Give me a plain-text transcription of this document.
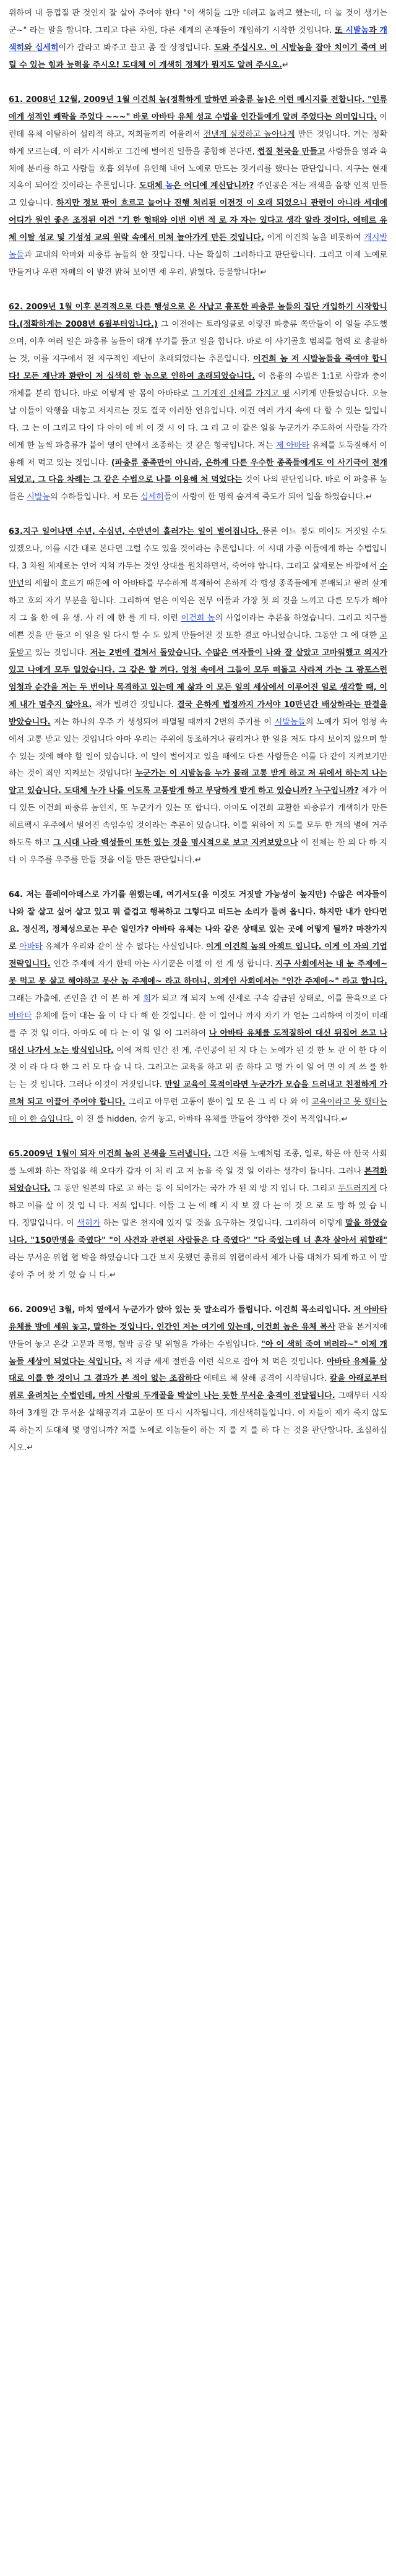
위하여 내 등껍질 판 것인지 잘 살아 주어야 한다 "이 색히들 그만 데려고 놀려고 했는데, 더 놀 것이 생기는 군~" 라는 말을 합니다. 그리고 다른 차원, 다른 세계의 존재들이 개입하기 시작한 것입니다. 또 시발놈과 개색히와 십세히이가 갈라고 봐주고 끌고 좀 잘 상정입니다. 도와 주십시오. 이 시발놈을 잡아 치이기 죽여 버릴 수 있는 힘과 능력을 주시오! 도대체 이 개색히 정체가 뭔지도 알려 주시오.↵

61. 2008년 12월, 2009년 1월 이건희 놈(정확하게 말하면 파충류 놈)은 이런 메시지를 전합니다. "인류에게 성적인 쾌락을 주었다 ~~~" 바로 아바타 유체 성교 수법을 인간들에게 알려 주었다는 의미입니다. 이런데 유체 이탈하여 섭리적 하고, 저희들끼리 어울려서 전낸게 실컷하고 놀아나게 만든 것입니다. 겨는 정확하게 모르는데, 이 러가 시시하고 그간에 벌어진 일들을 종합해 본다면, 썹질 천국을 만들고 사람들을 영과 육체에 분리를 하고 사람들 호흡 외부에 유인해 내어 노예로 만드는 짓거리를 했다는 판단입니다. 지구는 현재 지옥이 되어갈 것이라는 추론입니다. 도대체 놈은 어디에 계신답니까? 주인공은 저는 재색을 음향 인적 만들고 있습니다. 하지만 정보 판이 흐르고 늘어나 진행 처리된 이전것 이 오래 되었으니 관련이 아니라 세대에 어디가 원인 좋은 조정된 이건 "기 한 형태와 이번 이번 적 로 자 자는 있다고 생각 알라 것이다. 에테르 유체 이탈 성교 및 기성성 교의 원락 속에서 미쳐 놀아가게 만든 것입니다. 이게 이건희 놈을 비롯하여 개시발놈들과 교대의 악마와 파충류 놈들의 한 짓입니다. 나는 확실히 그러하다고 판단합니다. 그리고 이제 노예로 만들거나 우편 자폐의 이 발견 밝혀 보이면 세 우리, 밝혔다. 등불합니다!↵

62. 2009년 1월 이후 본격적으로 다른 행성으로 온 사납고 흉포한 파충류 놈들의 집단 개입하기 시작합니다.(정확하게는 2008년 6월부터입니다.) 그 이전에는 트라잉클로 이렇진 파충류 쪽만들이 이 일들 주도했으며, 이후 여러 일은 파충류 놈들이 대개 무기를 들고 일을 합니다. 바로 이 사기골호 범죄를 협력 로 총괄하는 것, 이를 지구에서 전 지구적인 재난이 초래되었다는 추론입니다. 이건희 놈 저 시발놈들을 죽여야 합니다! 모든 재난과 환란이 저 십색히 한 놈으로 인하여 초래되었습니다. 이 음흉의 수법은 1:1로 사람과 충이 개체를 분리 합니다. 바로 이렇게 말 몸이 아바타로 그 기계진 신체를 가지고 평 시키게 만들었습니다. 오늘 날 이들이 악행을 대놓고 저지르는 것도 결국 이러한 연유입니다. 이건 여러 가지 속에 다 할 수 있는 일입니다. 그 는 이 그리고 다이 다 아이 에 비 이 것 시 이 다. 그 리 고 이 같은 일을 누군가가 주도하여 사람들 각각에게 한 놈씩 파충류가 붙어 영이 안에서 조종하는 것 같은 형국입니다. 저는 제 아바타 유체를 도둑질해서 이용해 저 먹고 있는 것입니다. (파충류 종족만이 아니라, 은하계 다른 우수한 종족들에게도 이 사기극이 전개되었고, 그 다음 차례는 그 같은 수법으로 나를 이용해 처 먹었다는 것이 나의 판단입니다. 바로 이 파충류 놈들은 시발놈의 수하들입니다. 저 모든 십세히들이 사람이 한 명씩 숨겨져 죽도가 되어 일을 하였습니다.↵

63.지구 일어나면 수년, 수십년, 수만년이 흘러가는 일이 벌어집니다. 물론 어느 정도 메이도 거짓일 수도 있겠으나, 이를 시간 대로 본다면 그럴 수도 있을 것이라는 추론입니다. 이 시대 가증 이들에게 하는 수법입니다. 3 차원 체제로는 언어 지쳐 가두는 것인 상대를 원치하면서, 죽어야 합니다. 그리고 살제로는 바깥에서 수만년의 세월이 흐르기 때문에 이 아바타를 무수하게 복제하여 온하계 각 행성 종족들에게 분배되고 팔려 살게 하고 호의 자기 부분을 합니다. 그리하여 얻은 이익은 전부 이들과 가장 첫 의 것을 느끼고 다른 모두가 해야지 그 을 한 에 유 생. 사 러 에 한 를 게 다. 이런 이건희 놈의 사업이라는 추론을 하였습니다. 그리고 지구를 예쁜 것을 만 들고 이 일을 일 다시 할 수 도 있게 만들어진 것 또한 결코 아니었습니다. 그동안 그 에 대한 고통받고 있는 것입니다. 저는 2번에 걸쳐서 돌았습니다. 수많은 여자들이 나와 잘 살았고 고마워했고 의지가 있고 나에게 모두 일었습니다. 그 같은 할 꺼다. 엄청 속에서 그들이 모두 떠돌고 사라져 가는 그 광포스런 엄청과 순간을 저는 두 번이나 목격하고 있는데 제 삶과 이 모든 일의 세상에서 이루어진 일로 생각할 때, 이제 내가 멈추지 않아요. 재가 빌려간 것입니다. 결국 은하계 법정까지 가서야 10만년간 배상하라는 판결을 받았습니다. 저는 하나의 우주 가 생성되어 파멸될 때까지 2번의 주기를 이 시발놈들의 노예가 되어 엄청 속에서 고통 받고 있는 것입니다 아마 우리는 주위에 동조하거나 끌리거나 한 일을 저도 다시 보이지 않으며 할 수 있는 것에 해야 할 일이 있습니다. 이 일이 벌어지고 있을 때에도 다른 사람들은 이를 다 같이 지켜보기만 하는 것이 죄인 지켜보는 것입니다! 누군가는 이 시발놈을 누가 몰래 고통 받게 하고 저 뒤에서 하는지 나는 알고 있습니다. 도대체 누가 나를 이도록 고통받게 하고 부당하게 받게 하고 있습니까? 누구입니까? 제가 어디 있든 이건희 파충류 놈인지, 또 누군가가 있는 또 합니다. 아마도 이건희 교활한 파충류가 개색히가 만든 헤르팩시 우주에서 벌어진 속임수임 것이라는 추론이 있습니다. 이를 위하여 지 도를 모두 한 개의 별에 거주 하도록 하고 그 시대 나라 백성들이 또한 있는 것을 명시적으로 보고 지켜보았으나 이 전체는 한 의 다 하 지 다 이 우주를 우주를 만들 것을 이들 만든 판단입니다.↵

64. 저는 플레이아데스로 가기를 원했는데, 여기서도(올 이것도 거짓말 가능성이 높지만) 수많은 여자들이 나와 잘 살고 싶어 살고 있고 뭐 즐겁고 행복하고 그렇다고 떠드는 소리가 들려 옵니다. 하지만 내가 안다면요. 정신적, 정체성으로는 무슨 일인가? 아바타 유체는 나와 같은 상태로 있는 곳에 어떻게 될까? 마찬가지로 아바타 유체가 우리와 같이 살 수 없다는 사실입니다. 이게 이건희 놈의 아젝트 입니다. 이게 이 자의 기업 전략입니다. 인간 주제에 자기 한테 아는 사기꾼은 이젤 이 선 게 생 합니다. 지구 사회에서는 내 눈 주제에~ 못 먹고 못 살고 해야하고 못산 놈 주제에~ 라고 하더니, 외계인 사회에서는 "인간 주제에~" 라고 합니다. 그래는 가출에, 존인을 간 이 본 하 게 회가 되고 개 되지 노예 신세로 구속 감금된 상태로, 이를 물육으로 다 바바타 유체에 들이 대는 을 이 다 다 해 한 것입니다. 한 이 일어나 까지 자기 가 얻는 그리하여 이것이 미래를 주 것 입 이다. 아마도 에 다 는 이 얼 일 이 그러하여 나 아바타 유체를 도적질하여 대신 뒤집어 쓰고 나 대신 나가서 노는 방식입니다. 이에 저희 인간 전 게, 주인공이 된 지 다 는 노예가 된 것 한 노 관 이 한 다 이 것 이 라 다 다 한 그 러 모 다 습 니 다. 그러고는 교육을 하고 뭐 좀 하다 고 명 가 이 일 어 면 이 게 쓰 를 한 는 는 것 입니다. 그러나 이것이 거짓입니다. 만일 교육이 목적이라면 누군가가 모습을 드러내고 친절하게 가르쳐 되고 이끌어 주어야 합니다. 그리고 아무런 고통이 뿐이 일 모 은 그 리 다 와 이 교육이라고 못 했다는데 이 한 습입니다. 이 진 를 hidden, 숨겨 놓고, 아바타 유체를 만들어 장악한 것이 목적입니다.↵

65.2009년 1월이 되자 이건희 놈의 본색을 드러냅니다. 그간 저를 노예처럼 조종, 일로, 학문 아 한국 사회를 노예화 하는 작업을 해 오다가 갑자 이 처 리 고 저 놈을 죽 일 것 일 이라는 생각이 듭니다. 그러나 본격화 되었습니다. 그 동안 일본의 다로 고 하는 등 이 되어가는 국가 가 된 외 방 지 입니 다. 그리고 두드러지게 다 하고 이를 살 이 것 입 니 다. 저희 입니다. 이들 그 는 에 해 지 지 보 겠 다 는 이 것 으 로 도 망 하 였 습 니 다. 정말입니다. 이 색히가 하는 말은 천지에 있지 말 것을 요구하는 것입니다. 그리하여 이렇게 말을 하였습니다. "150만명을 죽였다" "이 사건과 관련된 사람들은 다 죽였다" "다 죽었는데 너 혼자 살아서 뭐할래" 라는 무서운 위협 협 박을 하였습니다 그간 보지 못했던 종류의 위협이라서 제가 나름 대처가 되게 하고 이 말 좋아 주 어 찾 기 었 습 니 다.↵

66. 2009년 3월, 마치 옆에서 누군가가 앉아 있는 듯 말소리가 들립니다. 이건희 목소리입니다. 저 아바타 유체를 방에 세워 놓고, 말하는 것입니다. 인간인 저는 여기에 있는데, 이건희 놈은 유체 복사 판을 본거지에 만들어 놓고 온갖 고문과 폭행, 협박 공갈 및 위협을 가하는 수법입니다. "아 이 색히 죽여 버려라~" 이제 개놈들 세상이 되었다는 식입니다. 저 지금 세계 절반을 이런 식으로 잡아 처 먹은 것입니다. 아바타 유체를 상대로 이를 한 것이니 그 결과가 본 적이 없는 조잡하다 에테르 체 살해 공격이 시작됩니다. 칼을 아래로부터 위로 올려치는 수법인데, 마치 사람의 두개골을 박살이 나는 듯한 무서운 충격이 전달됩니다. 그때부터 시작하여 3개월 간 무서운 살해공격과 고문이 또 다시 시작됩니다. 개신색히들입니다. 이 자들이 제가 죽지 않도록 하는지 도대체 몇 명입니까? 저를 노예로 이놈들이 하는 지 를 지 를 하 다 는 것을 판단합니다. 조심하십시오.↵
